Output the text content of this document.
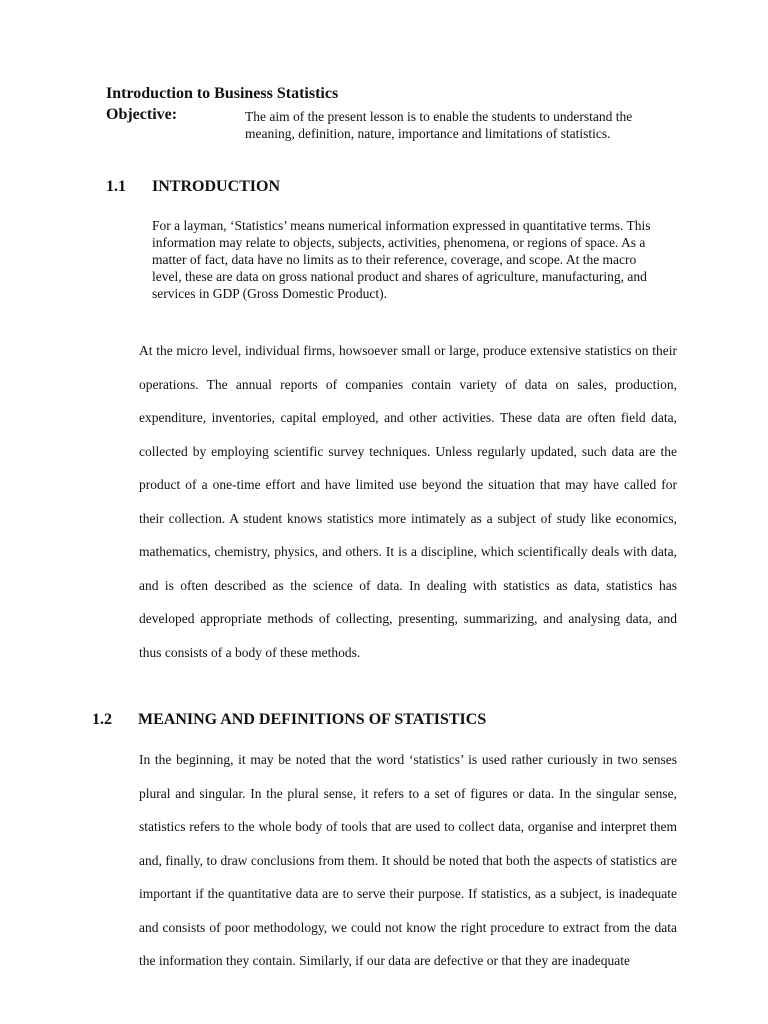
Introduction to Business Statistics
Objective:	The aim of the present lesson is to enable the students to understand the meaning, definition, nature, importance and limitations of statistics.
1.1 INTRODUCTION
For a layman, ‘Statistics’ means numerical information expressed in quantitative terms. This information may relate to objects, subjects, activities, phenomena, or regions of space. As a matter of fact, data have no limits as to their reference, coverage, and scope. At the macro level, these are data on gross national product and shares of agriculture, manufacturing, and services in GDP (Gross Domestic Product).
At the micro level, individual firms, howsoever small or large, produce extensive statistics on their operations. The annual reports of companies contain variety of data on sales, production, expenditure, inventories, capital employed, and other activities. These data are often field data, collected by employing scientific survey techniques. Unless regularly updated, such data are the product of a one-time effort and have limited use beyond the situation that may have called for their collection. A student knows statistics more intimately as a subject of study like economics, mathematics, chemistry, physics, and others. It is a discipline, which scientifically deals with data, and is often described as the science of data. In dealing with statistics as data, statistics has developed appropriate methods of collecting, presenting, summarizing, and analysing data, and thus consists of a body of these methods.
1.2 MEANING AND DEFINITIONS OF STATISTICS
In the beginning, it may be noted that the word ‘statistics’ is used rather curiously in two senses plural and singular. In the plural sense, it refers to a set of figures or data. In the singular sense, statistics refers to the whole body of tools that are used to collect data, organise and interpret them and, finally, to draw conclusions from them. It should be noted that both the aspects of statistics are important if the quantitative data are to serve their purpose. If statistics, as a subject, is inadequate and consists of poor methodology, we could not know the right procedure to extract from the data the information they contain. Similarly, if our data are defective or that they are inadequate
